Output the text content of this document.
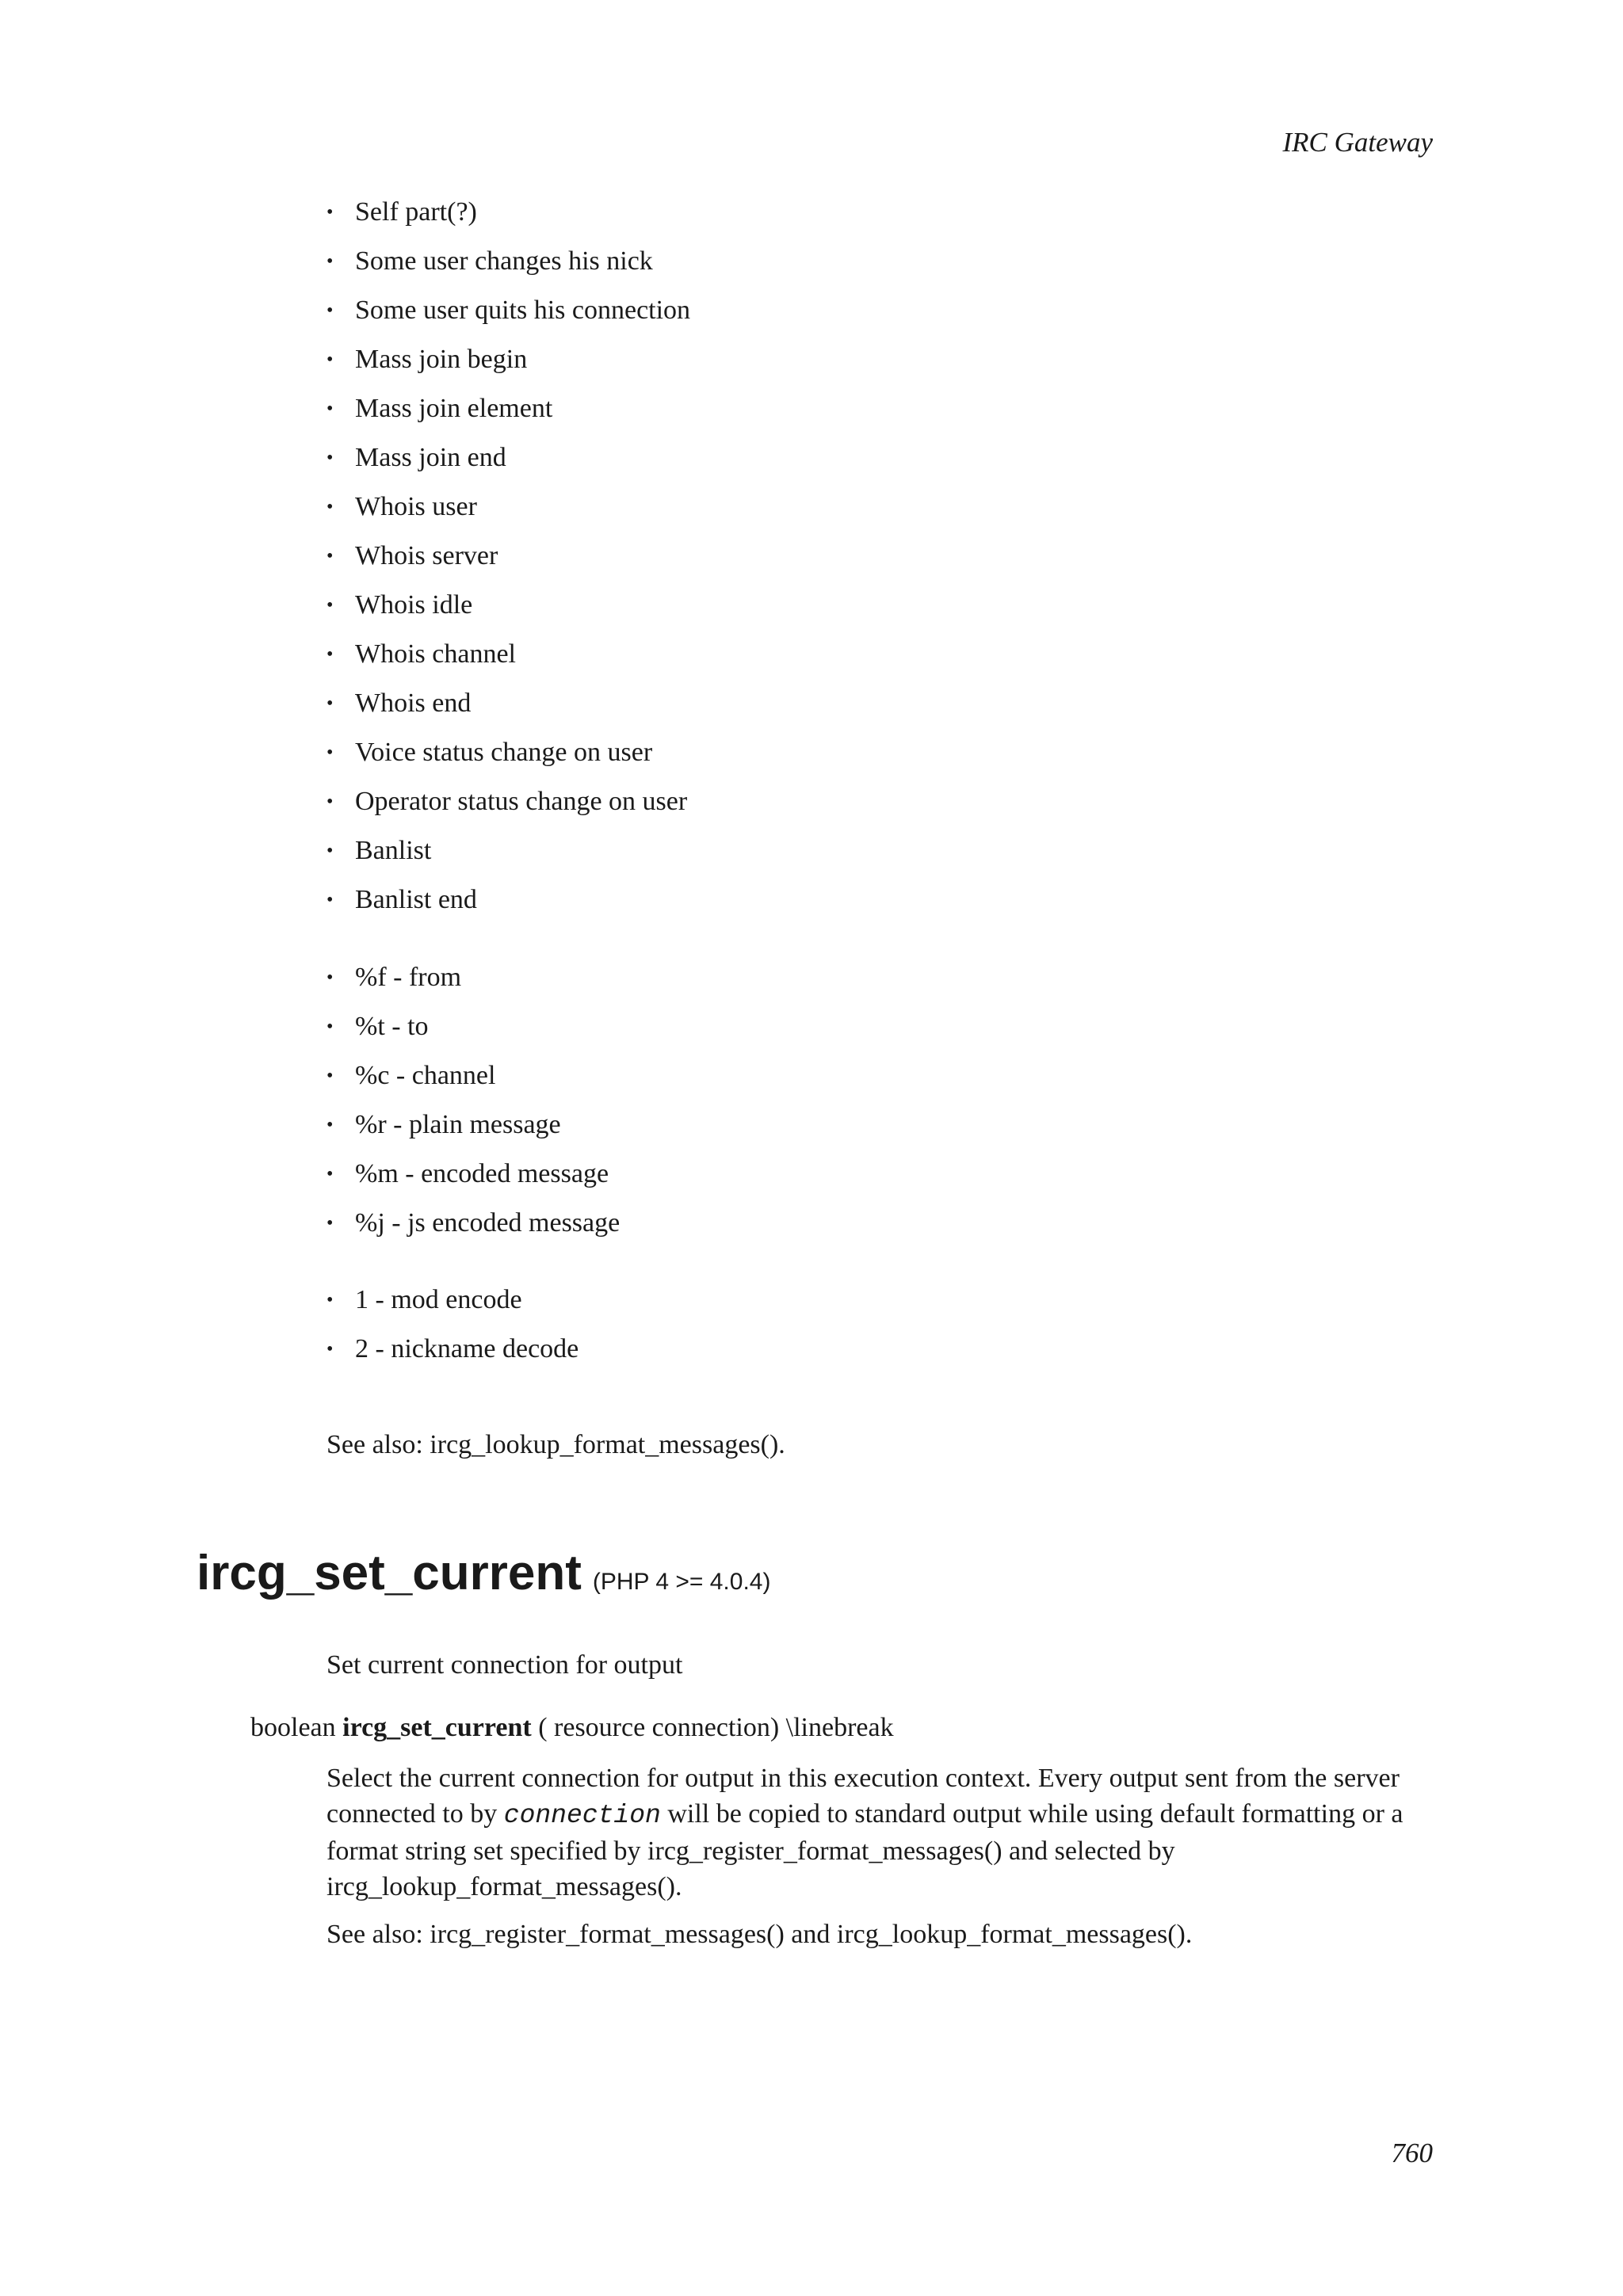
IRC Gateway
• Self part(?)
• Some user changes his nick
• Some user quits his connection
• Mass join begin
• Mass join element
• Mass join end
• Whois user
• Whois server
• Whois idle
• Whois channel
• Whois end
• Voice status change on user
• Operator status change on user
• Banlist
• Banlist end
• %f - from
• %t - to
• %c - channel
• %r - plain message
• %m - encoded message
• %j - js encoded message
• 1 - mod encode
• 2 - nickname decode
See also: ircg_lookup_format_messages().
ircg_set_current (PHP 4 >= 4.0.4)
Set current connection for output
boolean ircg_set_current ( resource connection) \linebreak

Select the current connection for output in this execution context. Every output sent from the server connected to by connection will be copied to standard output while using default formatting or a format string set specified by ircg_register_format_messages() and selected by ircg_lookup_format_messages().

See also: ircg_register_format_messages() and ircg_lookup_format_messages().
760
